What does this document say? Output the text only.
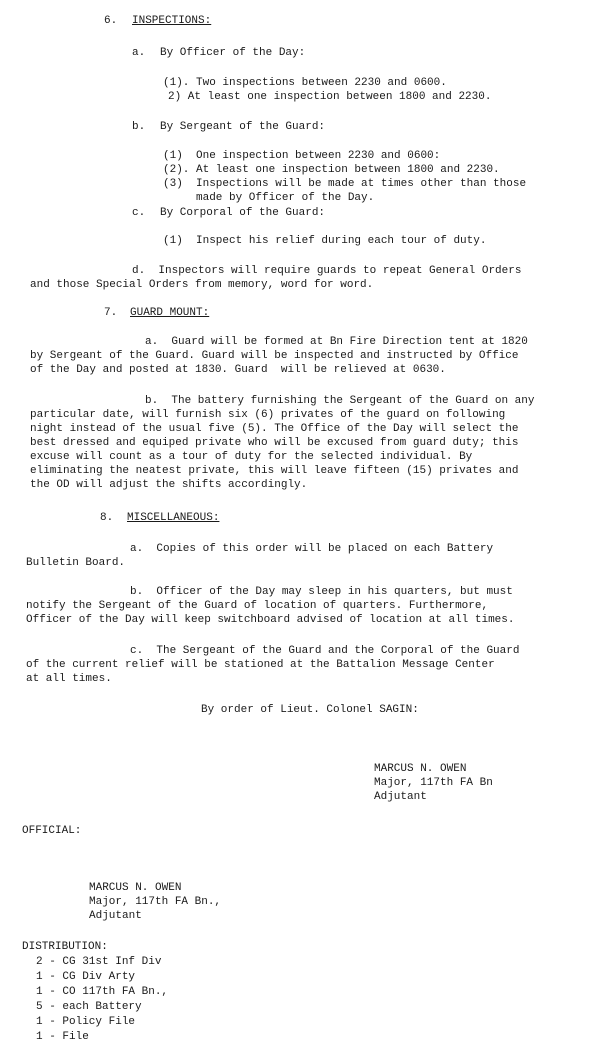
6. INSPECTIONS:
a. By Officer of the Day:
(1). Two inspections between 2230 and 0600.
2) At least one inspection between 1800 and 2230.
b. By Sergeant of the Guard:
(1)  One inspection between 2230 and 0600:
(2). At least one inspection between 1800 and 2230.
(3)  Inspections will be made at times other than those
made by Officer of the Day.
c. By Corporal of the Guard:
(1)  Inspect his relief during each tour of duty.
d.  Inspectors will require guards to repeat General Orders
and those Special Orders from memory, word for word.
7. GUARD MOUNT:
a.  Guard will be formed at Bn Fire Direction tent at 1820
by Sergeant of the Guard. Guard will be inspected and instructed by Office
of the Day and posted at 1830. Guard  will be relieved at 0630.
b.  The battery furnishing the Sergeant of the Guard on any
particular date, will furnish six (6) privates of the guard on following
night instead of the usual five (5). The Office of the Day will select the
best dressed and equiped private who will be excused from guard duty; this
excuse will count as a tour of duty for the selected individual. By
eliminating the neatest private, this will leave fifteen (15) privates and
the OD will adjust the shifts accordingly.
8. MISCELLANEOUS:
a.  Copies of this order will be placed on each Battery
Bulletin Board.
b.  Officer of the Day may sleep in his quarters, but must
notify the Sergeant of the Guard of location of quarters. Furthermore,
Officer of the Day will keep switchboard advised of location at all times.
c.  The Sergeant of the Guard and the Corporal of the Guard
of the current relief will be stationed at the Battalion Message Center
at all times.
By order of Lieut. Colonel SAGIN:
MARCUS N. OWEN
Major, 117th FA Bn
Adjutant
OFFICIAL:
MARCUS N. OWEN
Major, 117th FA Bn.,
Adjutant
DISTRIBUTION:
2 - CG 31st Inf Div
1 - CG Div Arty
1 - CO 117th FA Bn.,
5 - each Battery
1 - Policy File
1 - File
